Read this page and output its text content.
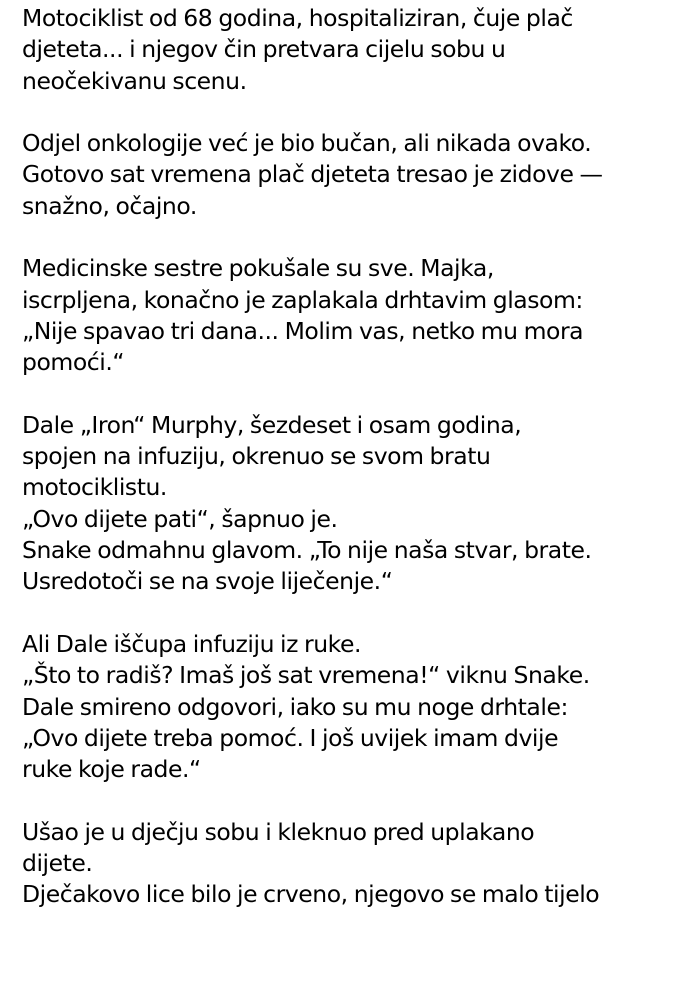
Motociklist od 68 godina, hospitaliziran, čuje plač
djeteta... i njegov čin pretvara cijelu sobu u
neočekivanu scenu.
Odjel onkologije već je bio bučan, ali nikada ovako.
Gotovo sat vremena plač djeteta tresao je zidove —
snažno, očajno.
Medicinske sestre pokušale su sve. Majka,
iscrpljena, konačno je zaplakala drhtavim glasom:
„Nije spavao tri dana... Molim vas, netko mu mora
pomoći.“
Dale „Iron“ Murphy, šezdeset i osam godina,
spojen na infuziju, okrenuo se svom bratu
motociklistu.
„Ovo dijete pati“, šapnuo je.
Snake odmahnu glavom. „To nije naša stvar, brate.
Usredotoči se na svoje liječenje.“
Ali Dale iščupa infuziju iz ruke.
„Što to radiš? Imaš još sat vremena!“ viknu Snake.
Dale smireno odgovori, iako su mu noge drhtale:
„Ovo dijete treba pomoć. I još uvijek imam dvije
ruke koje rade.“
Ušao je u dječju sobu i kleknuo pred uplakano
dijete.
Dječakovo lice bilo je crveno, njegovo se malo tijelo
